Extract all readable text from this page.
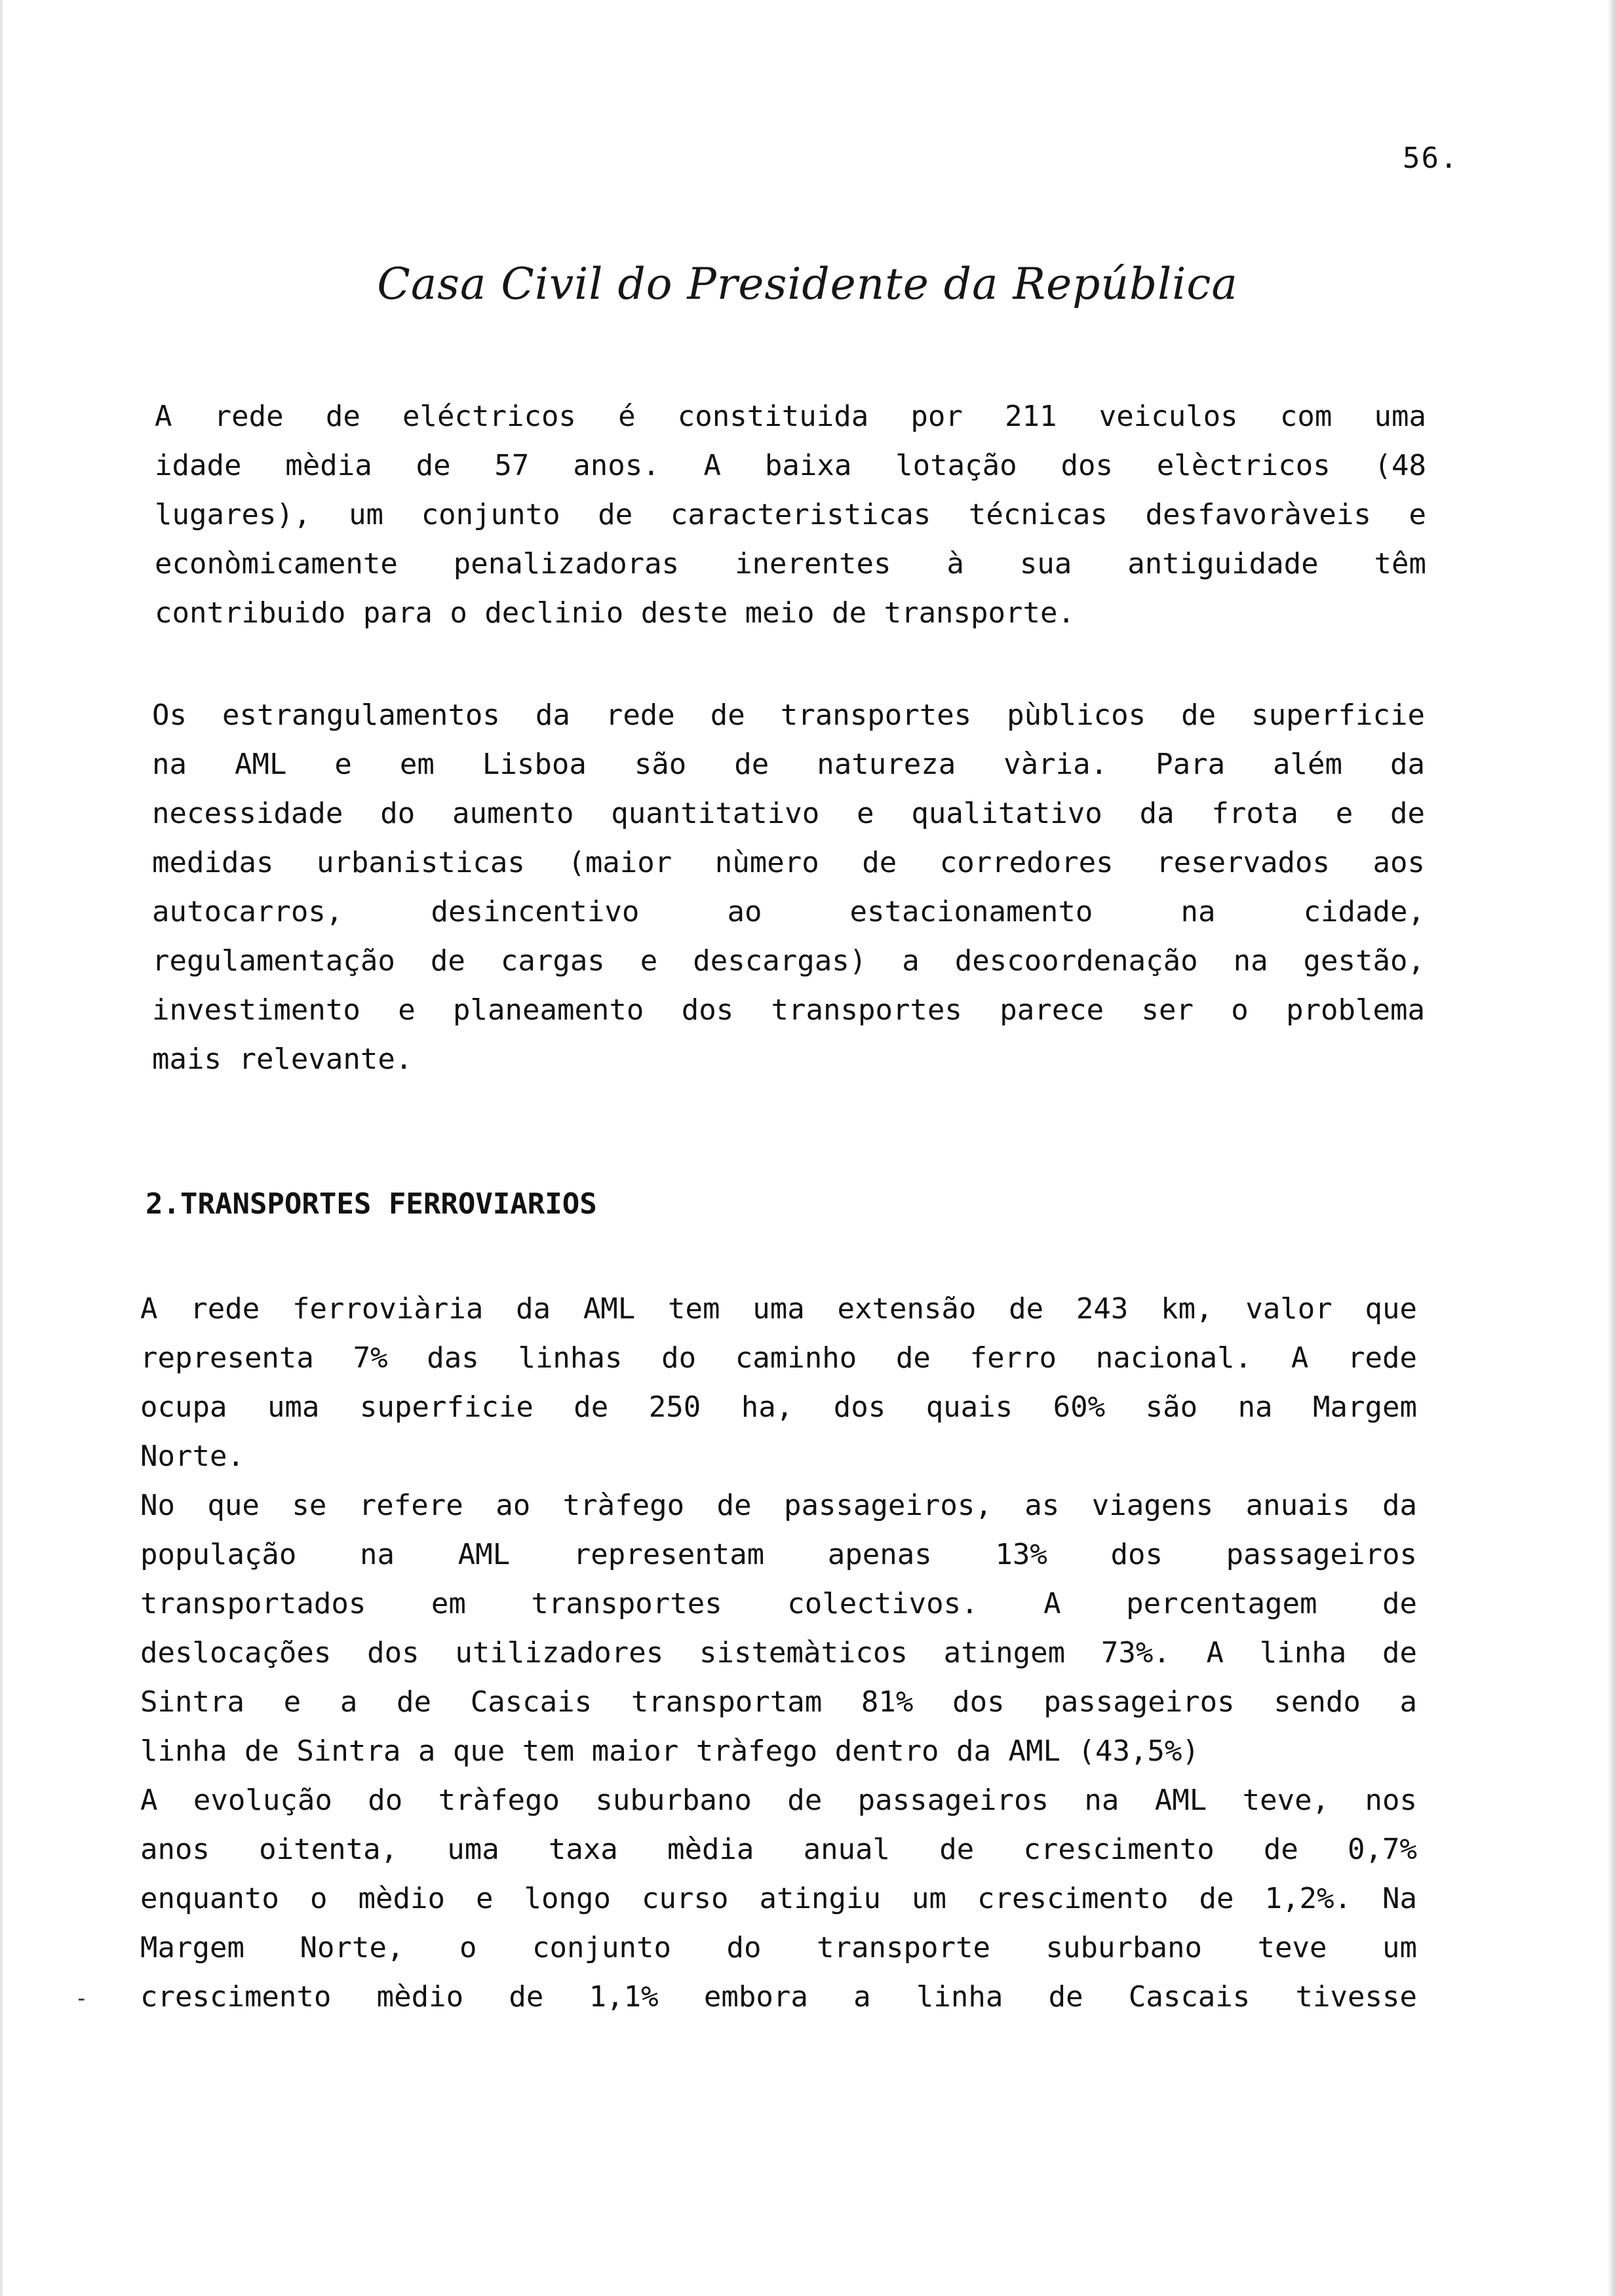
56.
Casa Civil do Presidente da República
A rede de eléctricos é constituida por 211 veiculos com uma
idade mèdia de 57 anos. A baixa lotação dos elèctricos (48
lugares), um conjunto de caracteristicas técnicas desfavoràveis e
econòmicamente penalizadoras inerentes à sua antiguidade têm
contribuido para o declinio deste meio de transporte.
Os estrangulamentos da rede de transportes pùblicos de superficie
na AML e em Lisboa são de natureza vària. Para além da
necessidade do aumento quantitativo e qualitativo da frota e de
medidas urbanisticas (maior nùmero de corredores reservados aos
autocarros, desincentivo ao estacionamento na cidade,
regulamentação de cargas e descargas) a descoordenação na gestão,
investimento e planeamento dos transportes parece ser o problema
mais relevante.
2.TRANSPORTES FERROVIARIOS
A rede ferroviària da AML tem uma extensão de 243 km, valor que
representa 7% das linhas do caminho de ferro nacional. A rede
ocupa uma superficie de 250 ha, dos quais 60% são na Margem
Norte.
No que se refere ao tràfego de passageiros, as viagens anuais da
população na AML representam apenas 13% dos passageiros
transportados em transportes colectivos. A percentagem de
deslocações dos utilizadores sistemàticos atingem 73%. A linha de
Sintra e a de Cascais transportam 81% dos passageiros sendo a
linha de Sintra a que tem maior tràfego dentro da AML (43,5%)
A evolução do tràfego suburbano de passageiros na AML teve, nos
anos oitenta, uma taxa mèdia anual de crescimento de 0,7%
enquanto o mèdio e longo curso atingiu um crescimento de 1,2%. Na
Margem Norte, o conjunto do transporte suburbano teve um
crescimento mèdio de 1,1% embora a linha de Cascais tivesse
-
